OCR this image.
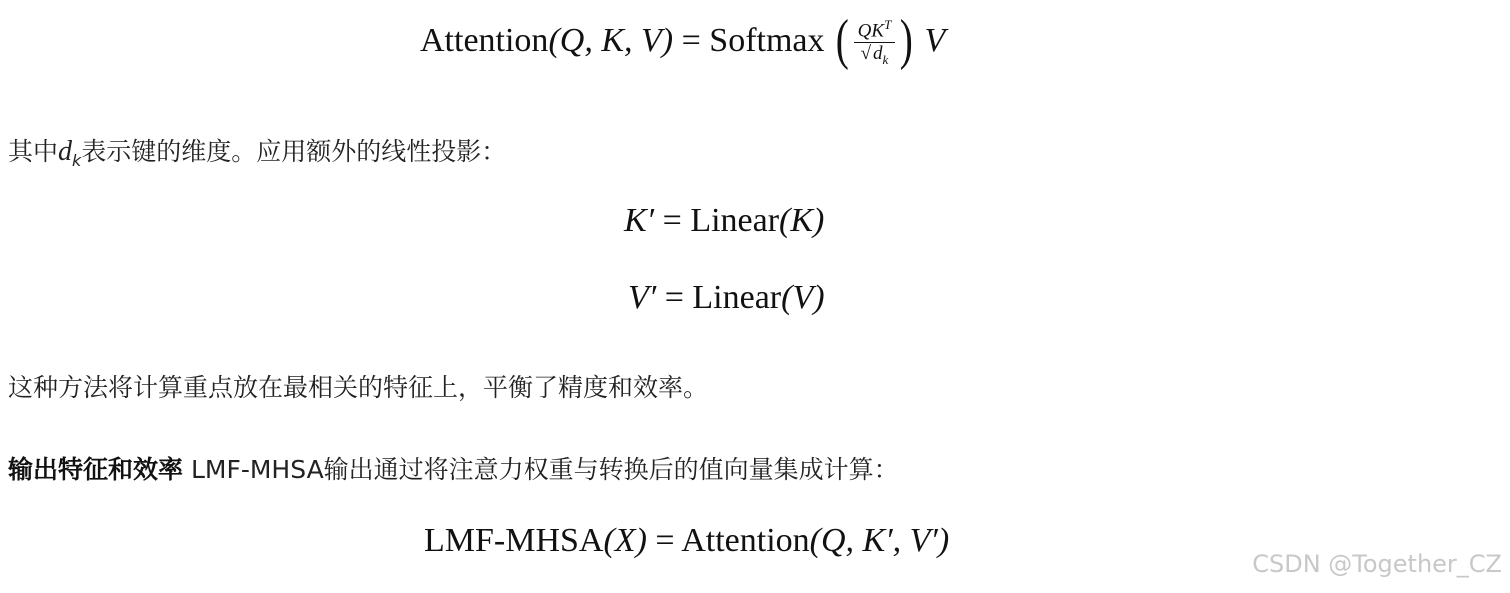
Attention(Q, K, V) = Softmax ( $\frac{QK^T}{√ d_k}$ ) V
其中$d_k$表示键的维度。应用额外的线性投影：
K′ = Linear(K)
V′ = Linear(V)
这种方法将计算重点放在最相关的特征上，平衡了精度和效率。
输出特征和效率 LMF-MHSA输出通过将注意力权重与转换后的值向量集成计算：
LMF-MHSA(X) = Attention(Q, K′, V′)
CSDN @Together_CZ
